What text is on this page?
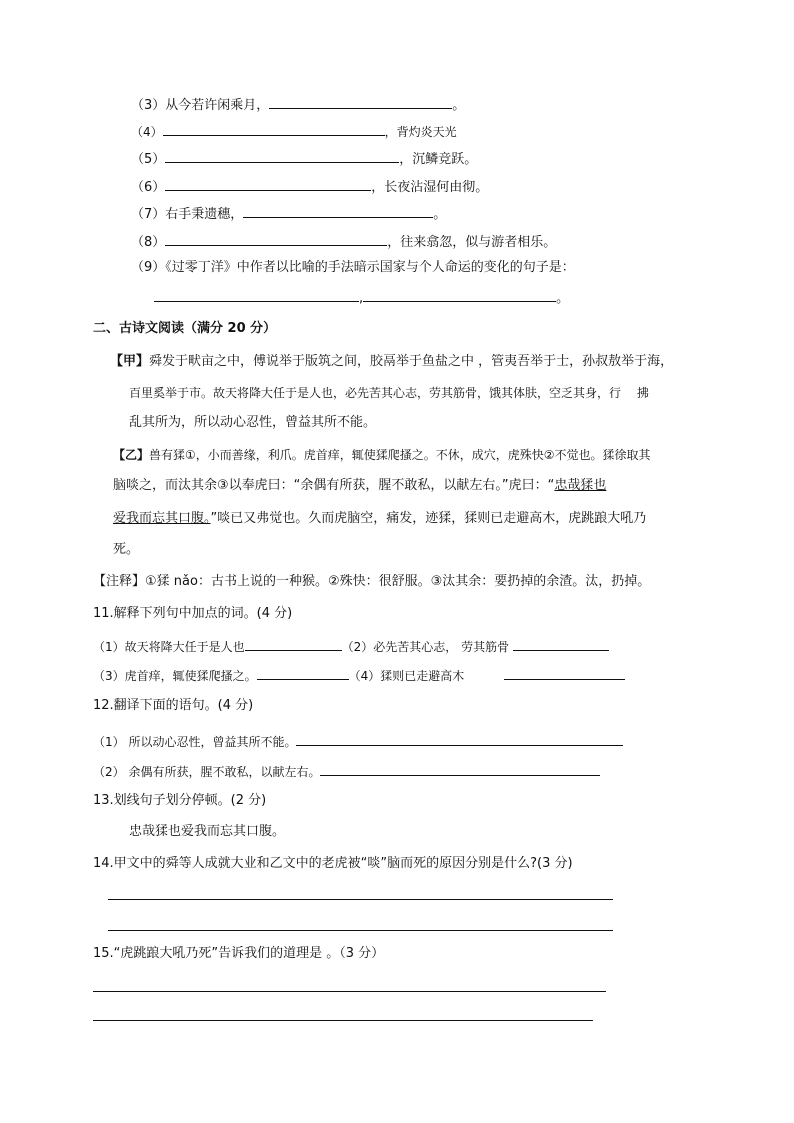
（3）从今若许闲乘月，	。
（4）	，背灼炎天光
（5）	，沉鳞竞跃。
（6）	，长夜沾湿何由彻。
（7）右手秉遗穗，	。
（8）	，往来翕忽，似与游者相乐。
（9）《过零丁洋》中作者以比喻的手法暗示国家与个人命运的变化的句子是：
,	。
二、古诗文阅读（满分 20 分）
【甲】舜发于畎亩之中，傅说举于版筑之间，胶鬲举于鱼盐之中 ，管夷吾举于士，孙叔敖举于海，
百里奚举于市。故天将降大任于是人也，必先苦其心志，劳其筋骨，饿其体肤，空乏其身，行　 拂
乱其所为，所以动心忍性，曾益其所不能。
【乙】兽有猱①，小而善缘，利爪。虎首痒，辄使猱爬搔之。不休，成穴，虎殊快②不觉也。猱徐取其
脑啖之，而汰其余③以奉虎曰：“余偶有所获，腥不敢私，以献左右。”虎曰：“忠哉猱也
爱我而忘其口腹。”啖已又弗觉也。久而虎脑空，痛发，迹猱，猱则已走避高木，虎跳踉大吼乃
死。
【注释】①猱 nǎo：古书上说的一种猴。②殊快：很舒服。③汰其余：要扔掉的余渣。汰，扔掉。
11.解释下列句中加点的词。(4 分)
（1）故天将降大任于是人也	（2）必先苦其心志， 劳其筋骨
（3）虎首痒，辄使猱爬搔之。	（4）猱则已走避高木
12.翻译下面的语句。(4 分)
（1） 所以动心忍性，曾益其所不能。
（2） 余偶有所获，腥不敢私，以献左右。
13.划线句子划分停顿。(2 分)
忠哉猱也爱我而忘其口腹。
14.甲文中的舜等人成就大业和乙文中的老虎被“啖”脑而死的原因分别是什么?(3 分)
15.“虎跳踉大吼乃死”告诉我们的道理是 。（3 分）
